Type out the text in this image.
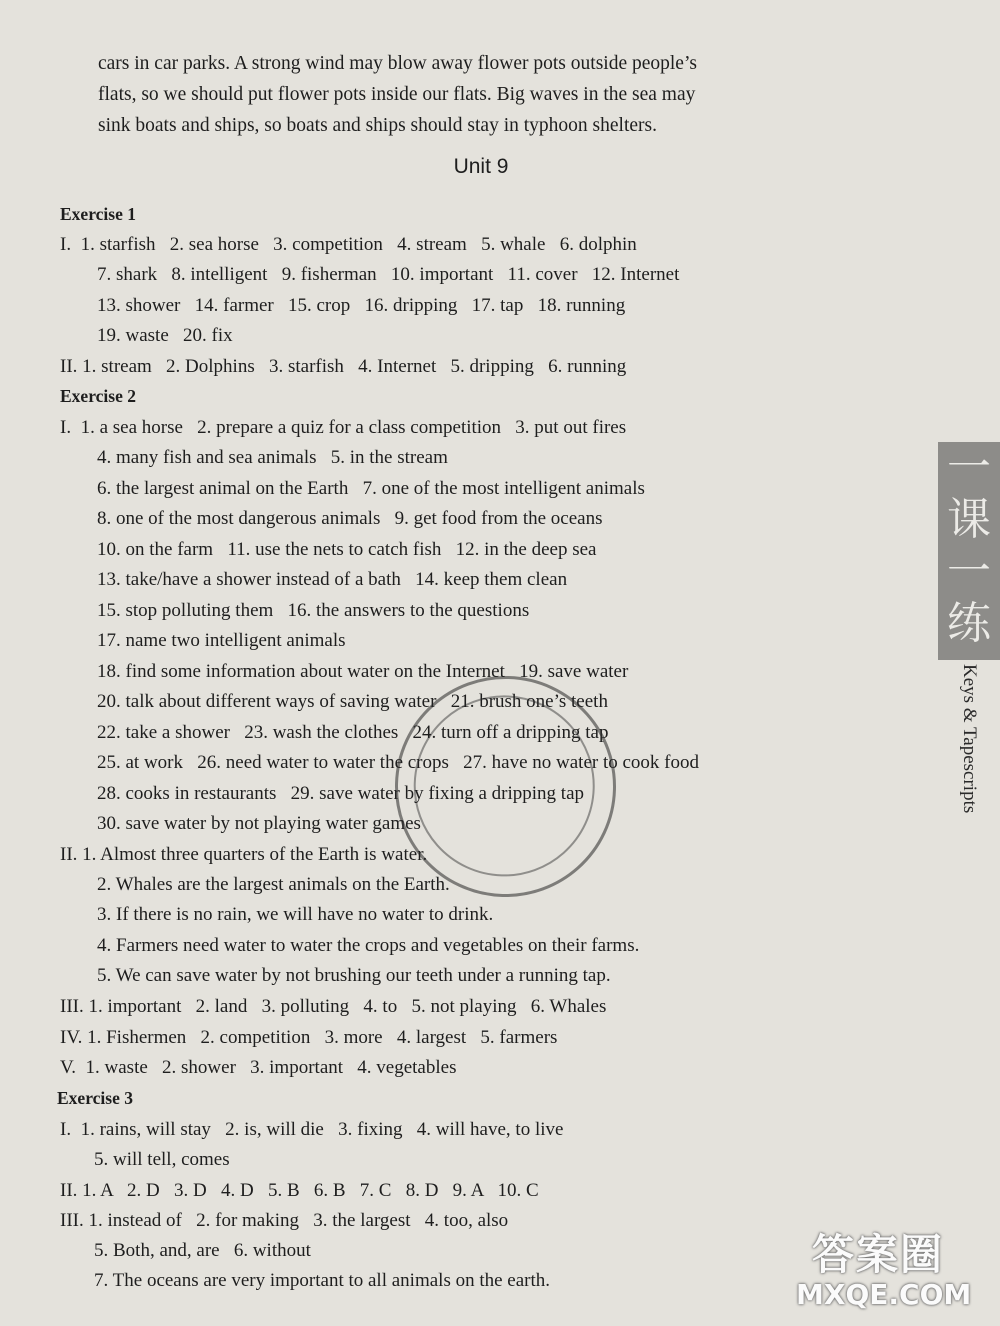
cars in car parks. A strong wind may blow away flower pots outside people’s

flats, so we should put flower pots inside our flats. Big waves in the sea may

sink boats and ships, so boats and ships should stay in typhoon shelters.

Unit 9
Exercise 1
I.  1. starfish   2. sea horse   3. competition   4. stream   5. whale   6. dolphin
7. shark   8. intelligent   9. fisherman   10. important   11. cover   12. Internet
13. shower   14. farmer   15. crop   16. dripping   17. tap   18. running
19. waste   20. fix
II. 1. stream   2. Dolphins   3. starfish   4. Internet   5. dripping   6. running
Exercise 2
I.  1. a sea horse   2. prepare a quiz for a class competition   3. put out fires
4. many fish and sea animals   5. in the stream
6. the largest animal on the Earth   7. one of the most intelligent animals
8. one of the most dangerous animals   9. get food from the oceans
10. on the farm   11. use the nets to catch fish   12. in the deep sea
13. take/have a shower instead of a bath   14. keep them clean
15. stop polluting them   16. the answers to the questions
17. name two intelligent animals
18. find some information about water on the Internet   19. save water
20. talk about different ways of saving water   21. brush one’s teeth
22. take a shower   23. wash the clothes   24. turn off a dripping tap
25. at work   26. need water to water the crops   27. have no water to cook food
28. cooks in restaurants   29. save water by fixing a dripping tap
30. save water by not playing water games
II. 1. Almost three quarters of the Earth is water.
2. Whales are the largest animals on the Earth.
3. If there is no rain, we will have no water to drink.
4. Farmers need water to water the crops and vegetables on their farms.
5. We can save water by not brushing our teeth under a running tap.
III. 1. important   2. land   3. polluting   4. to   5. not playing   6. Whales
IV. 1. Fishermen   2. competition   3. more   4. largest   5. farmers
V.  1. waste   2. shower   3. important   4. vegetables
Exercise 3
I.  1. rains, will stay   2. is, will die   3. fixing   4. will have, to live
5. will tell, comes
II. 1. A   2. D   3. D   4. D   5. B   6. B   7. C   8. D   9. A   10. C
III. 1. instead of   2. for making   3. the largest   4. too, also
5. Both, and, are   6. without
7. The oceans are very important to all animals on the earth.
一
课
一
练
Keys & Tapescripts
答案圈
MXQE.COM
